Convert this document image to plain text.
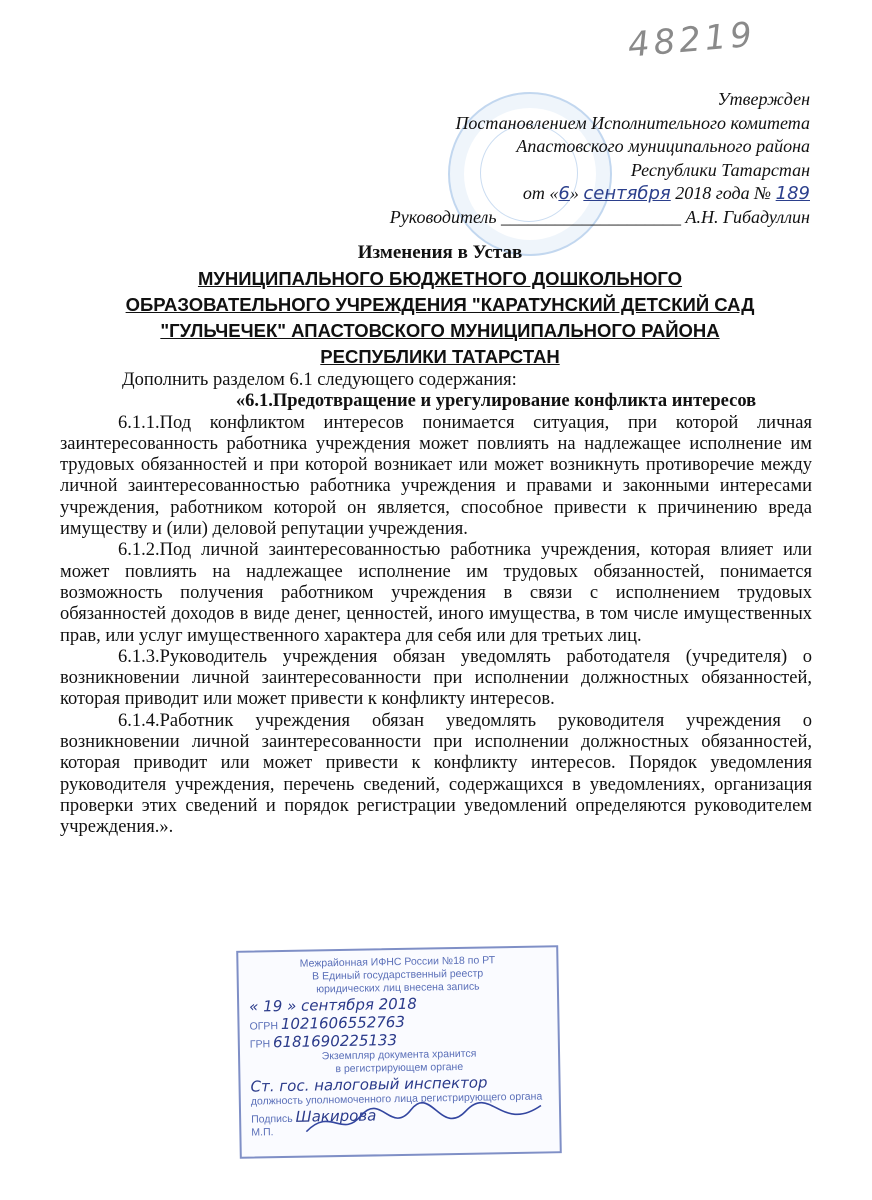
48219
Утвержден
Постановлением Исполнительного комитета
Апастовского муниципального района
Республики Татарстан
от «6» сентября 2018 года № 189
Руководитель ____________________ А.Н. Гибадуллин
Изменения в Устав
МУНИЦИПАЛЬНОГО БЮДЖЕТНОГО ДОШКОЛЬНОГО
ОБРАЗОВАТЕЛЬНОГО УЧРЕЖДЕНИЯ "КАРАТУНСКИЙ ДЕТСКИЙ САД
"ГУЛЬЧЕЧЕК" АПАСТОВСКОГО МУНИЦИПАЛЬНОГО РАЙОНА
РЕСПУБЛИКИ ТАТАРСТАН

Дополнить разделом 6.1 следующего содержания:

«6.1.Предотвращение и урегулирование конфликта интересов

6.1.1.Под конфликтом интересов понимается ситуация, при которой личная заинтересованность работника учреждения может повлиять на надлежащее исполнение им трудовых обязанностей и при которой возникает или может возникнуть противоречие между личной заинтересованностью работника учреждения и правами и законными интересами учреждения, работником которой он является, способное привести к причинению вреда имуществу и (или) деловой репутации учреждения.

6.1.2.Под личной заинтересованностью работника учреждения, которая влияет или может повлиять на надлежащее исполнение им трудовых обязанностей, понимается возможность получения работником учреждения в связи с исполнением трудовых обязанностей доходов в виде денег, ценностей, иного имущества, в том числе имущественных прав, или услуг имущественного характера для себя или для третьих лиц.

6.1.3.Руководитель учреждения обязан уведомлять работодателя (учредителя) о возникновении личной заинтересованности при исполнении должностных обязанностей, которая приводит или может привести к конфликту интересов.

6.1.4.Работник учреждения обязан уведомлять руководителя учреждения о возникновении личной заинтересованности при исполнении должностных обязанностей, которая приводит или может привести к конфликту интересов. Порядок уведомления руководителя учреждения, перечень сведений, содержащихся в уведомлениях, организация проверки этих сведений и порядок регистрации уведомлений определяются руководителем учреждения.».

Межрайонная ИФНС России №18 по РТ
В Единый государственный реестр
юридических лиц внесена запись
« 19 » сентября 2018
ОГРН 1021606552763
ГРН 6181690225133
Экземпляр документа хранится
в регистрирующем органе
Ст. гос. налоговый инспектор
должность уполномоченного лица регистрирующего органа
Подпись Шакирова
М.П.
